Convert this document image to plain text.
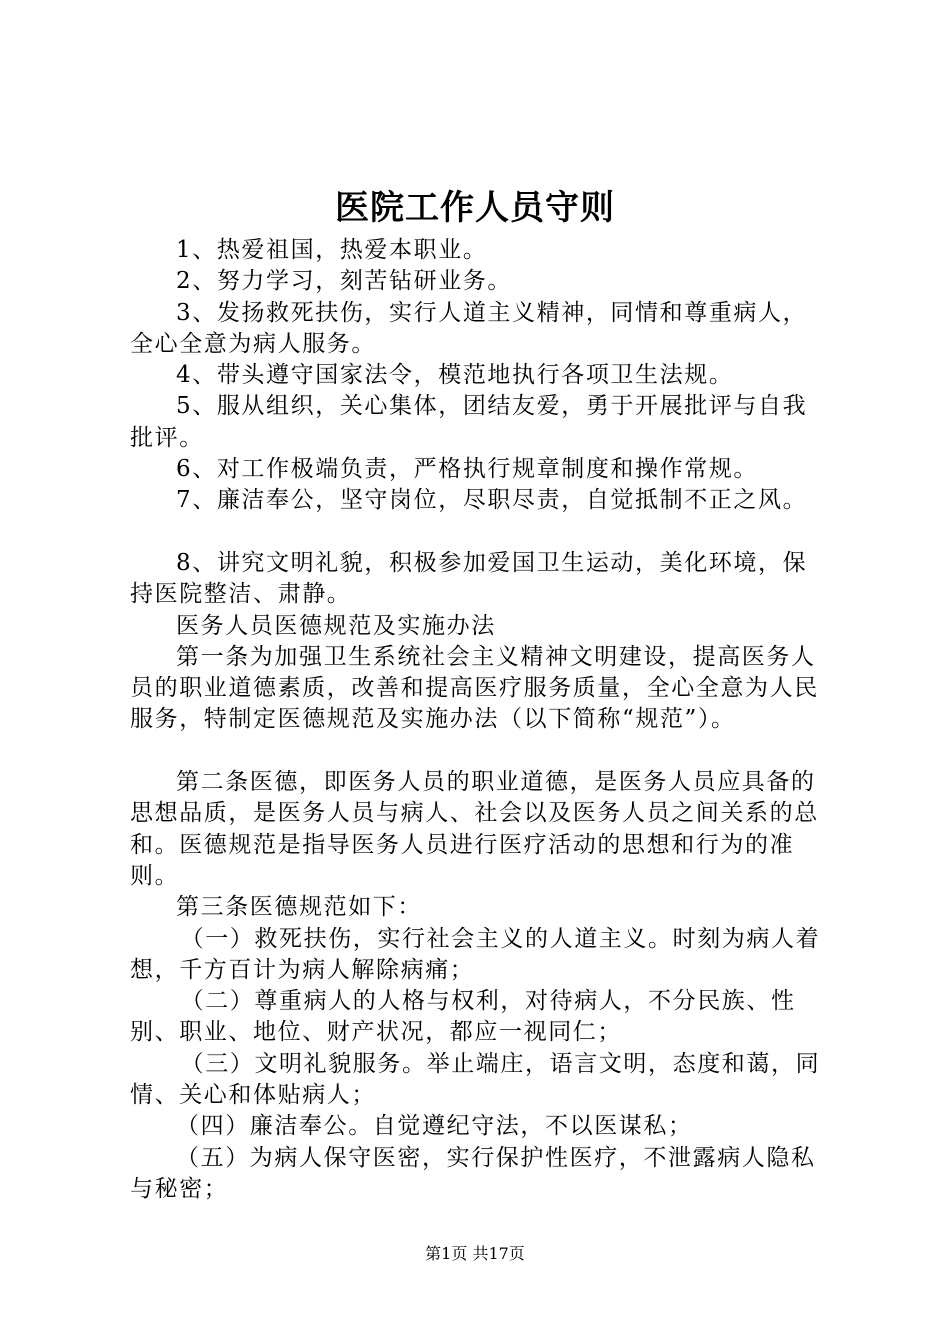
医院工作人员守则

1、热爱祖国，热爱本职业。

2、努力学习，刻苦钻研业务。

3、发扬救死扶伤，实行人道主义精神，同情和尊重病人，全心全意为病人服务。

4、带头遵守国家法令，模范地执行各项卫生法规。

5、服从组织，关心集体，团结友爱，勇于开展批评与自我批评。

6、对工作极端负责，严格执行规章制度和操作常规。

7、廉洁奉公，坚守岗位，尽职尽责，自觉抵制不正之风。

8、讲究文明礼貌，积极参加爱国卫生运动，美化环境，保持医院整洁、肃静。

医务人员医德规范及实施办法

第一条为加强卫生系统社会主义精神文明建设，提高医务人员的职业道德素质，改善和提高医疗服务质量，全心全意为人民服务，特制定医德规范及实施办法（以下简称“规范”）。

第二条医德，即医务人员的职业道德，是医务人员应具备的思想品质，是医务人员与病人、社会以及医务人员之间关系的总和。医德规范是指导医务人员进行医疗活动的思想和行为的准则。

第三条医德规范如下：

（一）救死扶伤，实行社会主义的人道主义。时刻为病人着想，千方百计为病人解除病痛；

（二）尊重病人的人格与权利，对待病人，不分民族、性别、职业、地位、财产状况，都应一视同仁；

（三）文明礼貌服务。举止端庄，语言文明，态度和蔼，同情、关心和体贴病人；

（四）廉洁奉公。自觉遵纪守法，不以医谋私；

（五）为病人保守医密，实行保护性医疗，不泄露病人隐私与秘密；

第1页 共17页
